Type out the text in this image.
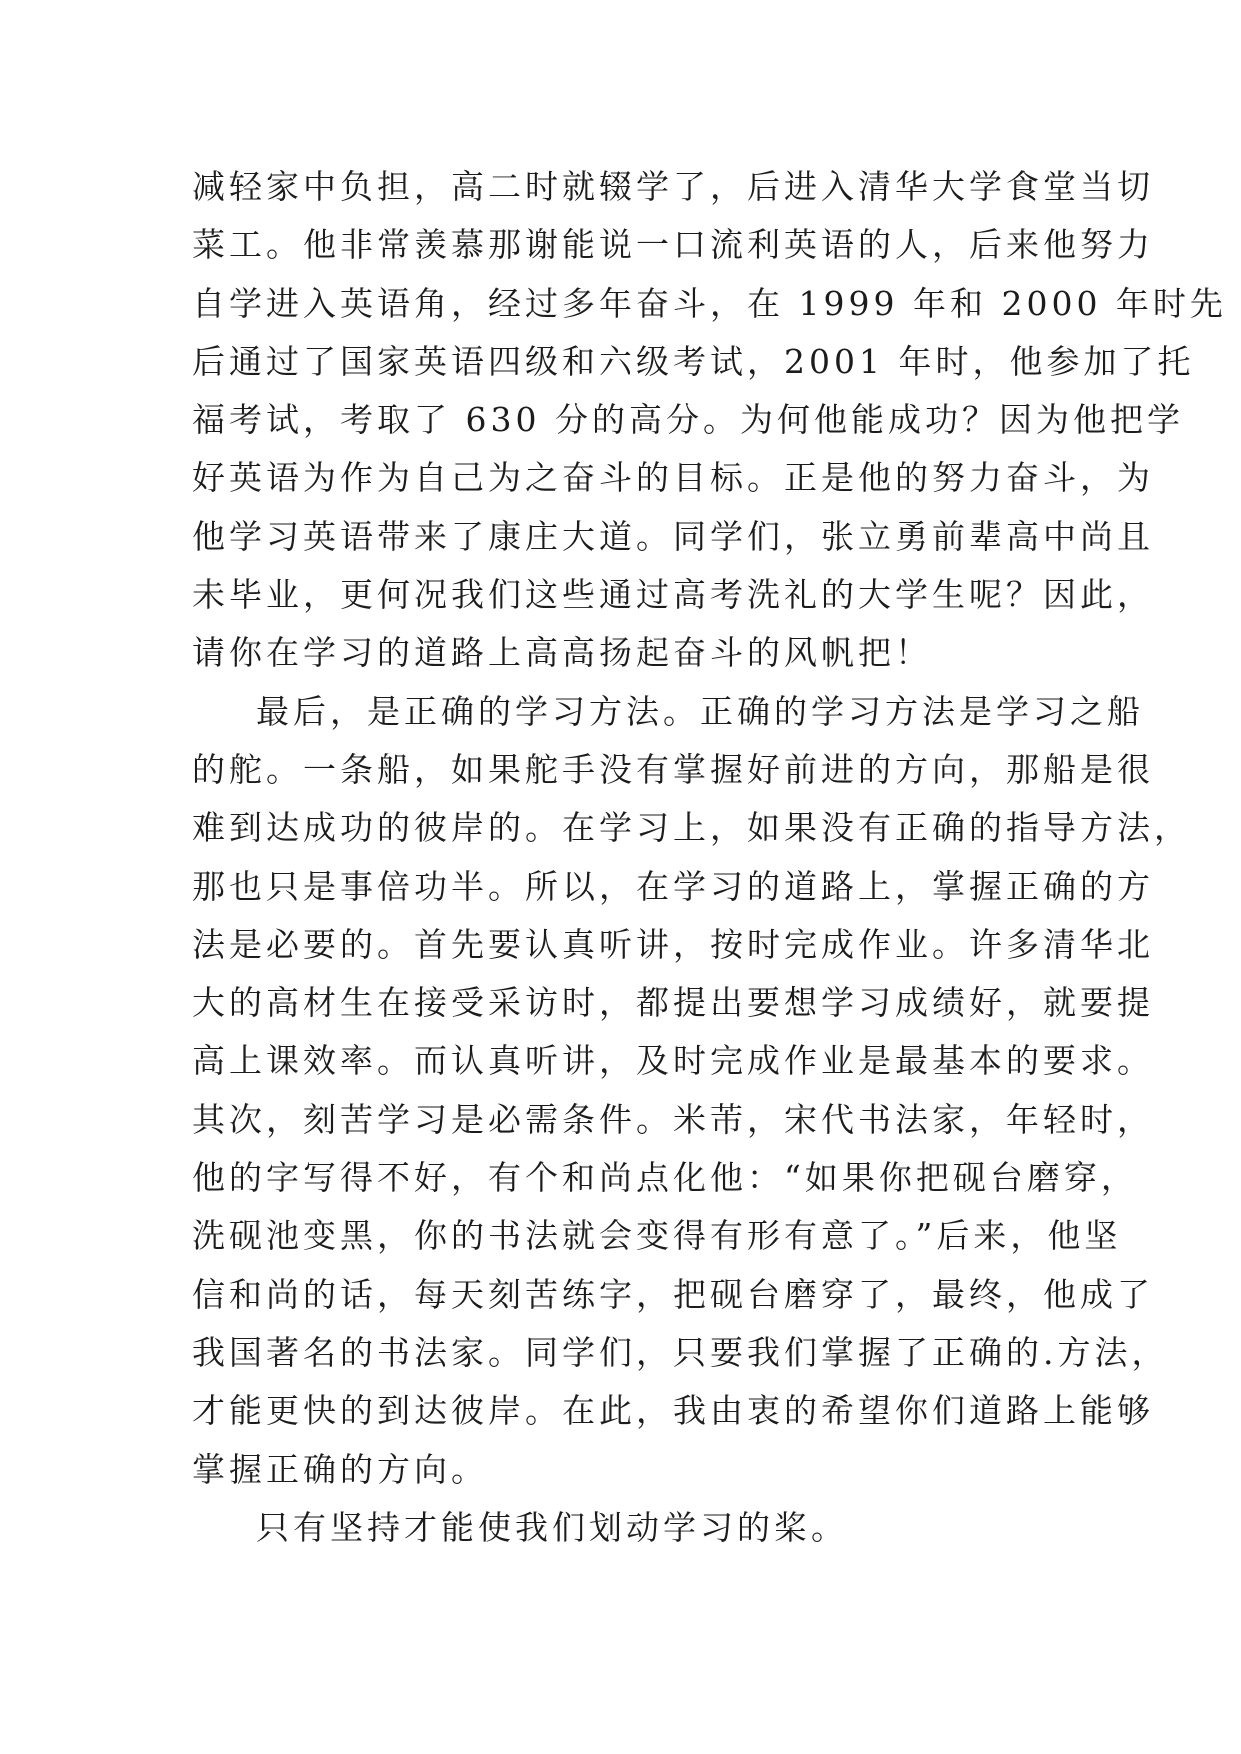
减轻家中负担，高二时就辍学了，后进入清华大学食堂当切
菜工。他非常羡慕那谢能说一口流利英语的人，后来他努力
自学进入英语角，经过多年奋斗，在 1999 年和 2000 年时先
后通过了国家英语四级和六级考试，2001 年时，他参加了托
福考试，考取了 630 分的高分。为何他能成功？因为他把学
好英语为作为自己为之奋斗的目标。正是他的努力奋斗，为
他学习英语带来了康庄大道。同学们，张立勇前辈高中尚且
未毕业，更何况我们这些通过高考洗礼的大学生呢？因此，
请你在学习的道路上高高扬起奋斗的风帆把！
最后，是正确的学习方法。正确的学习方法是学习之船
的舵。一条船，如果舵手没有掌握好前进的方向，那船是很
难到达成功的彼岸的。在学习上，如果没有正确的指导方法，
那也只是事倍功半。所以，在学习的道路上，掌握正确的方
法是必要的。首先要认真听讲，按时完成作业。许多清华北
大的高材生在接受采访时，都提出要想学习成绩好，就要提
高上课效率。而认真听讲，及时完成作业是最基本的要求。
其次，刻苦学习是必需条件。米芾，宋代书法家，年轻时，
他的字写得不好，有个和尚点化他：“如果你把砚台磨穿，
洗砚池变黑，你的书法就会变得有形有意了。”后来，他坚
信和尚的话，每天刻苦练字，把砚台磨穿了，最终，他成了
我国著名的书法家。同学们，只要我们掌握了正确的.方法，
才能更快的到达彼岸。在此，我由衷的希望你们道路上能够
掌握正确的方向。
只有坚持才能使我们划动学习的桨。
